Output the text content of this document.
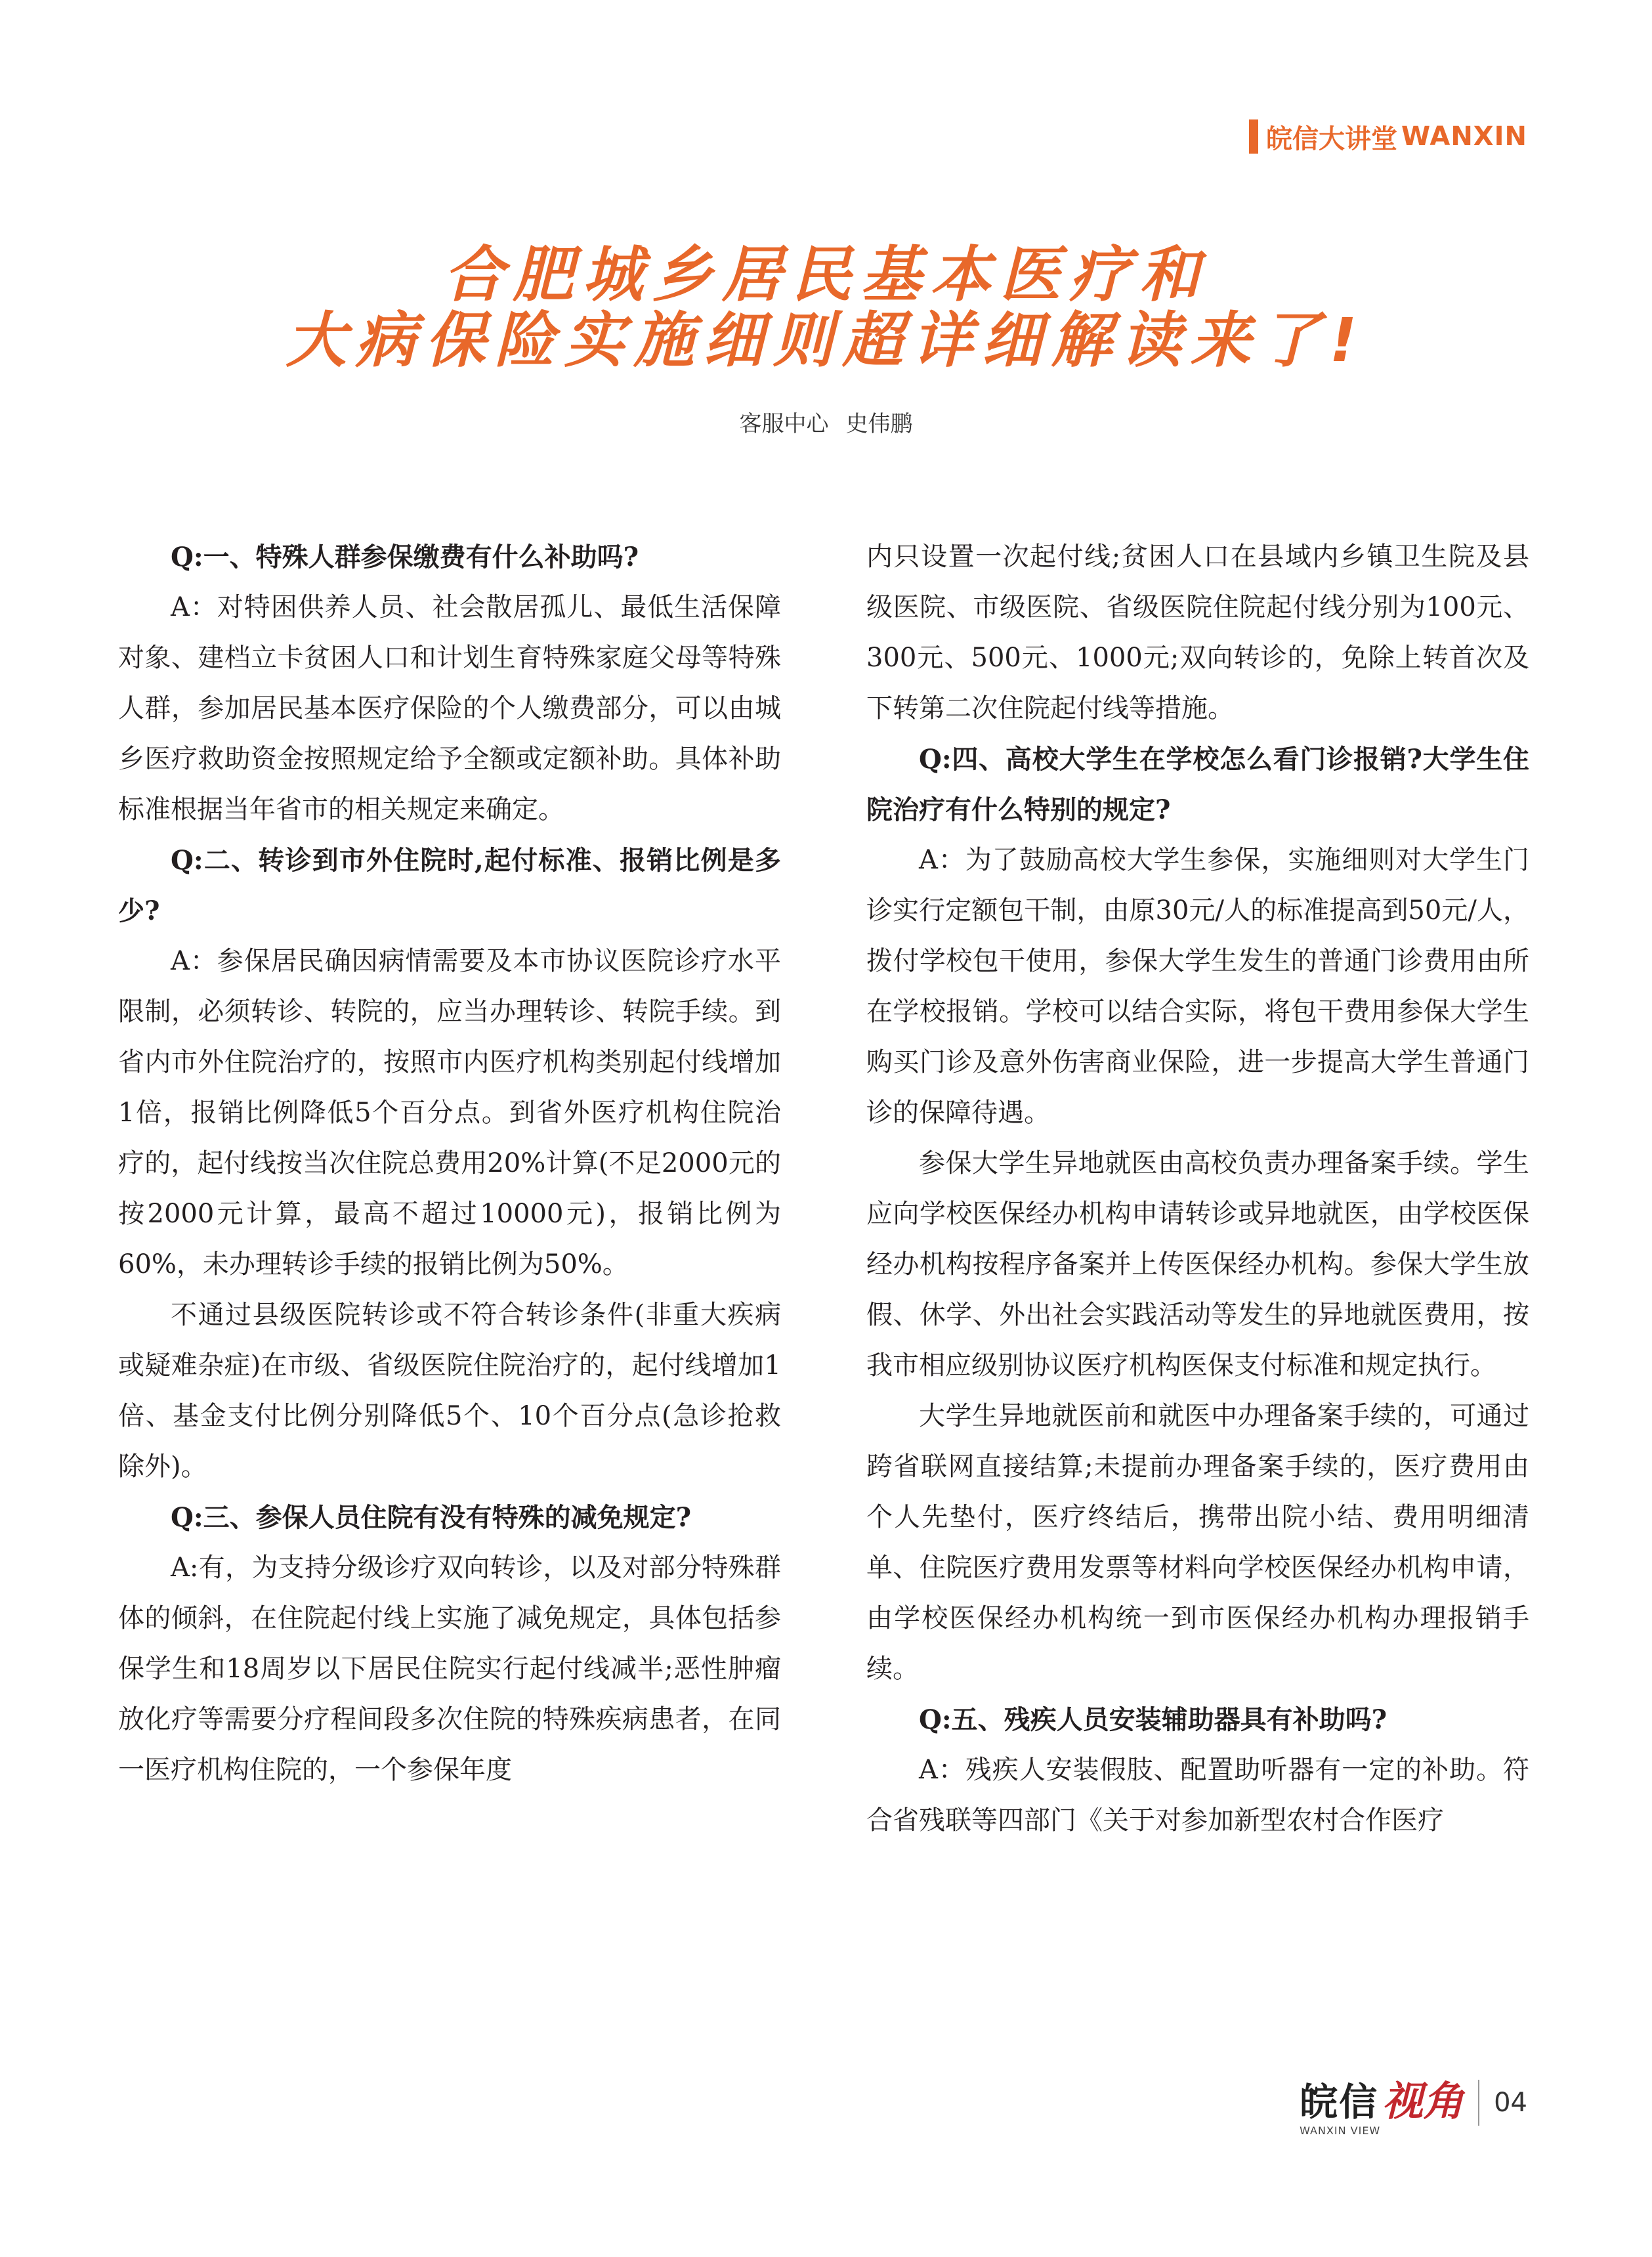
皖信大讲堂 WANXIN
合肥城乡居民基本医疗和
大病保险实施细则超详细解读来了!
客服中心 史伟鹏

Q:一、特殊人群参保缴费有什么补助吗?

A：对特困供养人员、社会散居孤儿、最低生活保障对象、建档立卡贫困人口和计划生育特殊家庭父母等特殊人群，参加居民基本医疗保险的个人缴费部分，可以由城乡医疗救助资金按照规定给予全额或定额补助。具体补助标准根据当年省市的相关规定来确定。

Q:二、转诊到市外住院时,起付标准、报销比例是多少?

A：参保居民确因病情需要及本市协议医院诊疗水平限制，必须转诊、转院的，应当办理转诊、转院手续。到省内市外住院治疗的，按照市内医疗机构类别起付线增加1倍，报销比例降低5个百分点。到省外医疗机构住院治疗的，起付线按当次住院总费用20%计算(不足2000元的按2000元计算，最高不超过10000元)，报销比例为60%，未办理转诊手续的报销比例为50%。

不通过县级医院转诊或不符合转诊条件(非重大疾病或疑难杂症)在市级、省级医院住院治疗的，起付线增加1倍、基金支付比例分别降低5个、10个百分点(急诊抢救除外)。

Q:三、参保人员住院有没有特殊的减免规定?

A:有，为支持分级诊疗双向转诊，以及对部分特殊群体的倾斜，在住院起付线上实施了减免规定，具体包括参保学生和18周岁以下居民住院实行起付线减半;恶性肿瘤放化疗等需要分疗程间段多次住院的特殊疾病患者，在同一医疗机构住院的，一个参保年度

内只设置一次起付线;贫困人口在县域内乡镇卫生院及县级医院、市级医院、省级医院住院起付线分别为100元、300元、500元、1000元;双向转诊的，免除上转首次及下转第二次住院起付线等措施。

Q:四、高校大学生在学校怎么看门诊报销?大学生住院治疗有什么特别的规定?

A：为了鼓励高校大学生参保，实施细则对大学生门诊实行定额包干制，由原30元/人的标准提高到50元/人，拨付学校包干使用，参保大学生发生的普通门诊费用由所在学校报销。学校可以结合实际，将包干费用参保大学生购买门诊及意外伤害商业保险，进一步提高大学生普通门诊的保障待遇。

参保大学生异地就医由高校负责办理备案手续。学生应向学校医保经办机构申请转诊或异地就医，由学校医保经办机构按程序备案并上传医保经办机构。参保大学生放假、休学、外出社会实践活动等发生的异地就医费用，按我市相应级别协议医疗机构医保支付标准和规定执行。

大学生异地就医前和就医中办理备案手续的，可通过跨省联网直接结算;未提前办理备案手续的，医疗费用由个人先垫付，医疗终结后，携带出院小结、费用明细清单、住院医疗费用发票等材料向学校医保经办机构申请，由学校医保经办机构统一到市医保经办机构办理报销手续。

Q:五、残疾人员安装辅助器具有补助吗?

A：残疾人安装假肢、配置助听器有一定的补助。符合省残联等四部门《关于对参加新型农村合作医疗

皖信 视角
WANXIN VIEW
04
